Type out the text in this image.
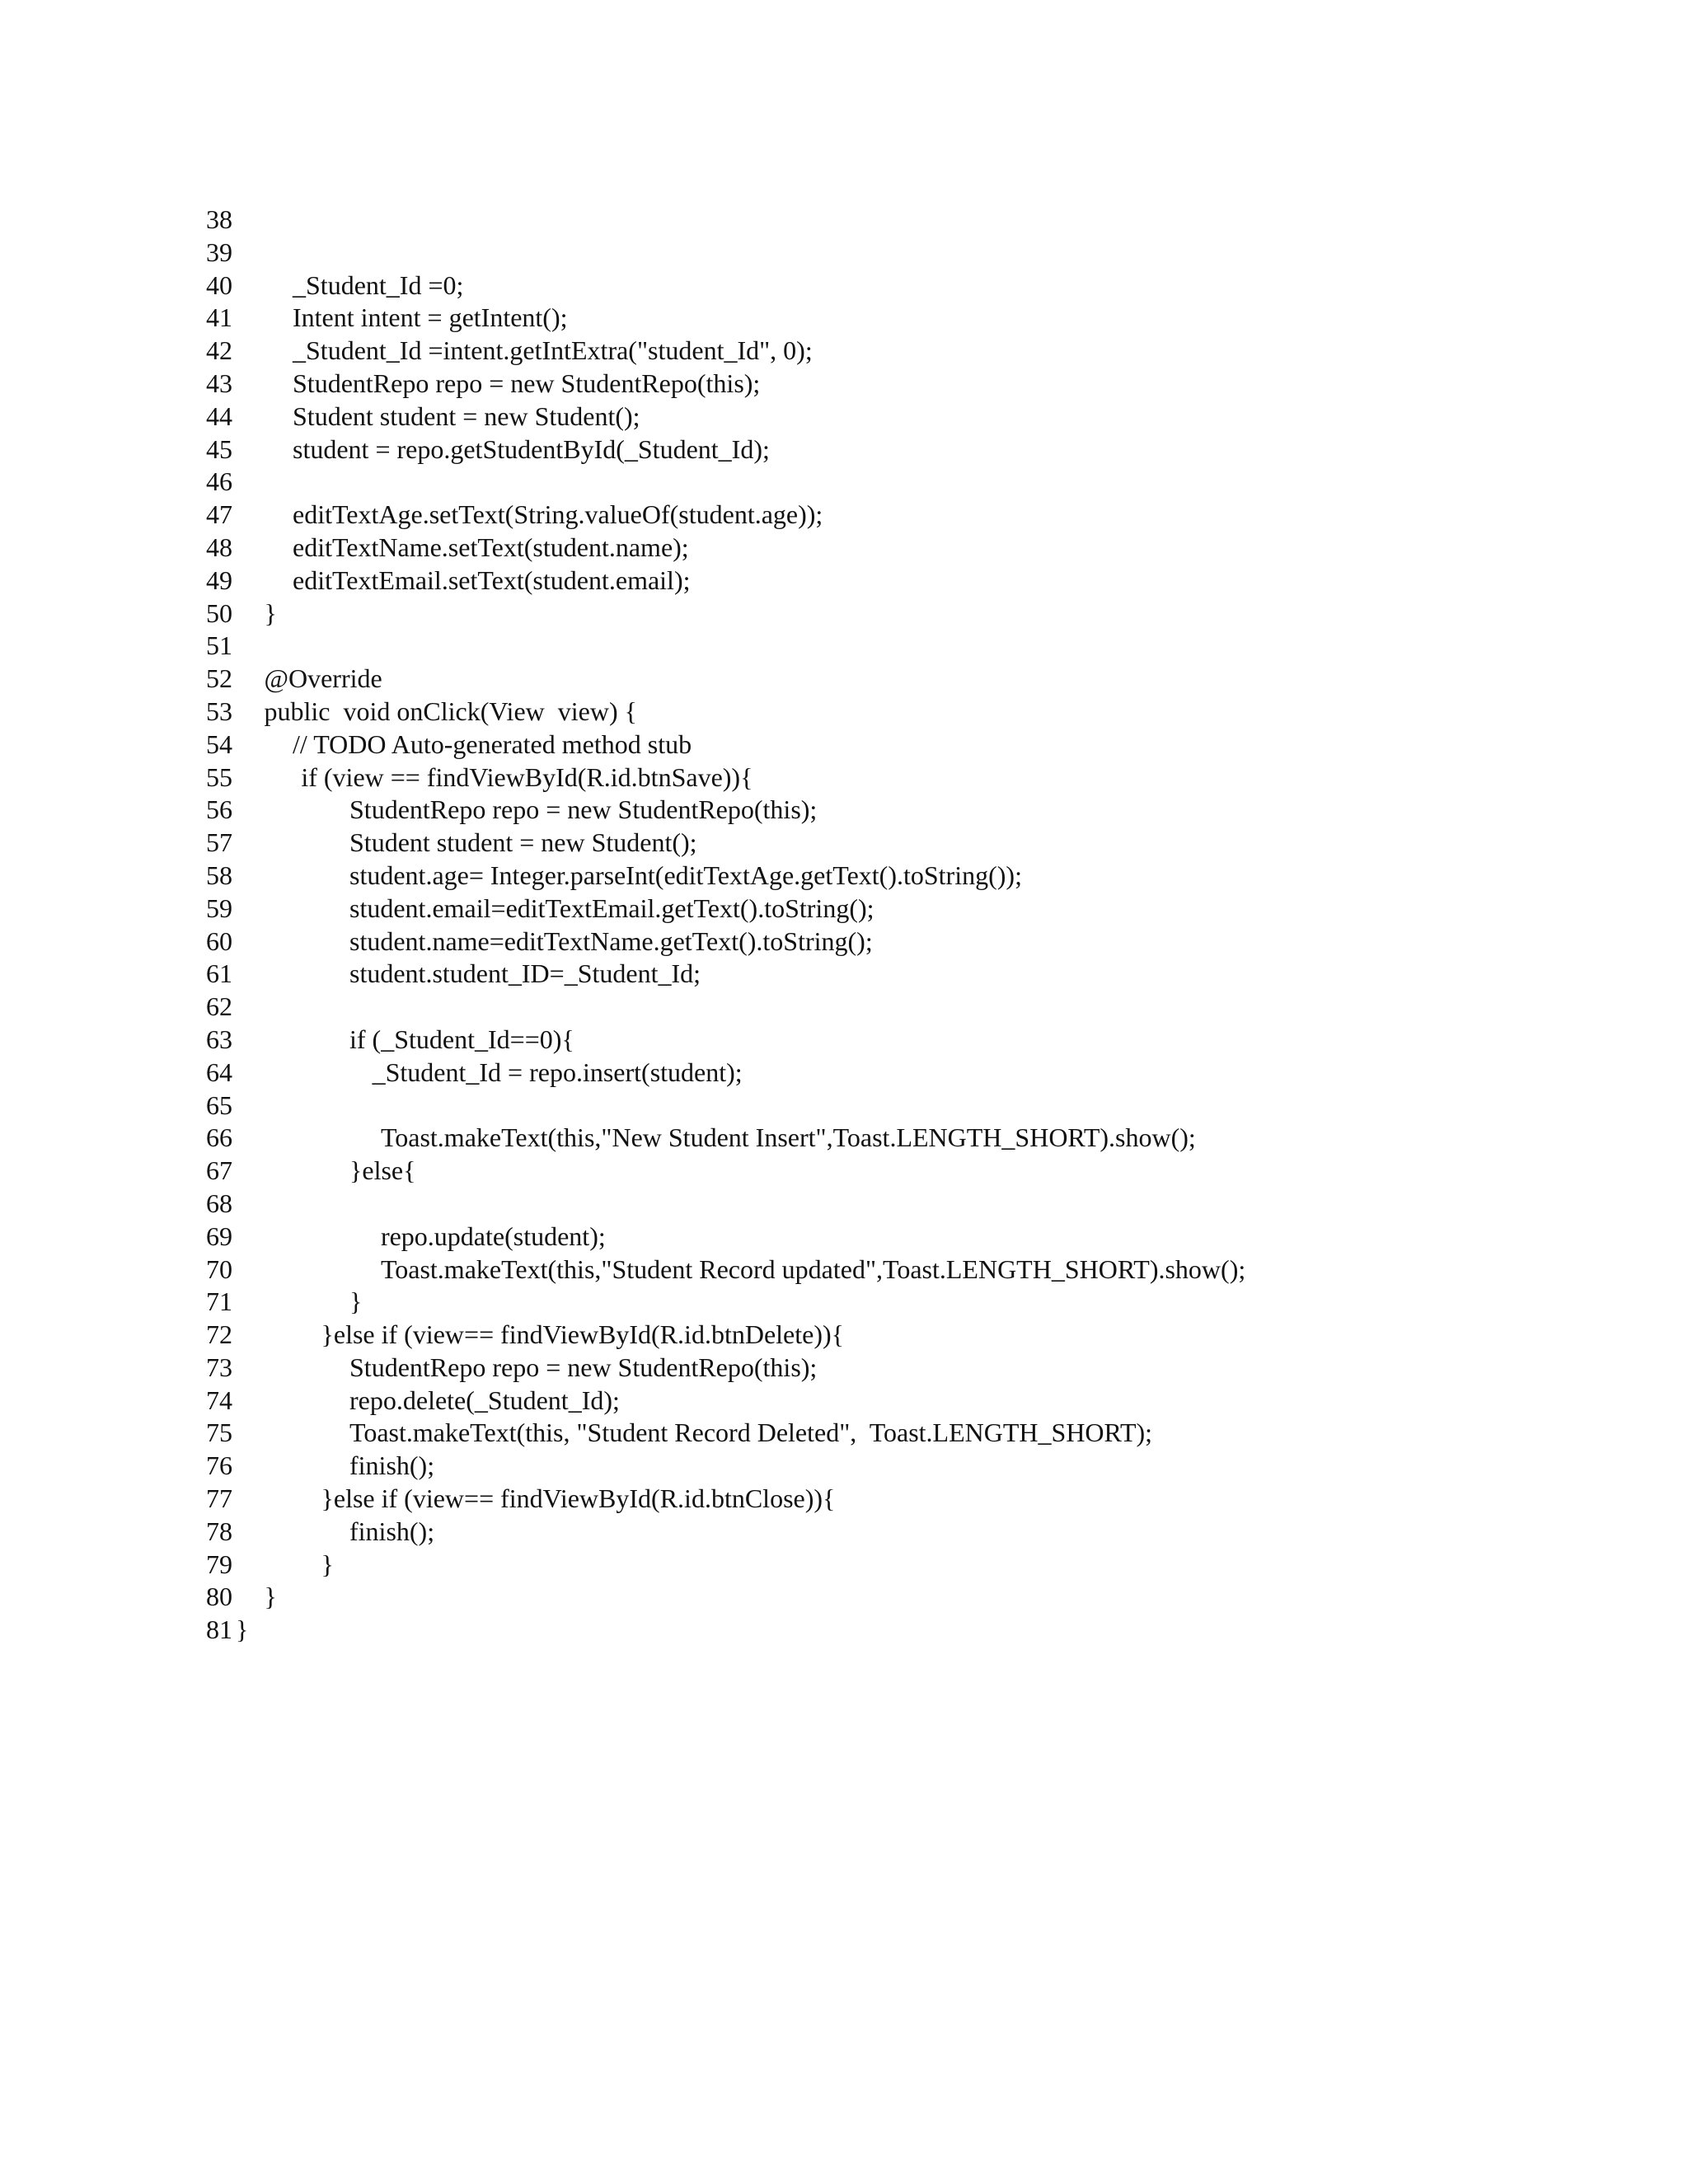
38
39
40 _Student_Id =0;
41 Intent intent = getIntent();
42 _Student_Id =intent.getIntExtra("student_Id", 0);
43 StudentRepo repo = new StudentRepo(this);
44 Student student = new Student();
45 student = repo.getStudentById(_Student_Id);
46
47 editTextAge.setText(String.valueOf(student.age));
48 editTextName.setText(student.name);
49 editTextEmail.setText(student.email);
50 }
51
52 @Override
53 public  void onClick(View  view) {
54 // TODO Auto-generated method stub
55	if (view == findViewById(R.id.btnSave)){
56	StudentRepo repo = new StudentRepo(this);
57	Student student = new Student();
58	student.age= Integer.parseInt(editTextAge.getText().toString());
59	student.email=editTextEmail.getText().toString();
60	student.name=editTextName.getText().toString();
61	student.student_ID=_Student_Id;
62
63	if (_Student_Id==0){
64	_Student_Id = repo.insert(student);
65
66	Toast.makeText(this,"New Student Insert",Toast.LENGTH_SHORT).show();
67	}else{
68
69	repo.update(student);
70	Toast.makeText(this,"Student Record updated",Toast.LENGTH_SHORT).show();
71	}
72	}else if (view== findViewById(R.id.btnDelete)){
73	StudentRepo repo = new StudentRepo(this);
74	repo.delete(_Student_Id);
75	Toast.makeText(this, "Student Record Deleted",  Toast.LENGTH_SHORT);
76	finish();
77	}else if (view== findViewById(R.id.btnClose)){
78	finish();
79	}
80 }
81 }
